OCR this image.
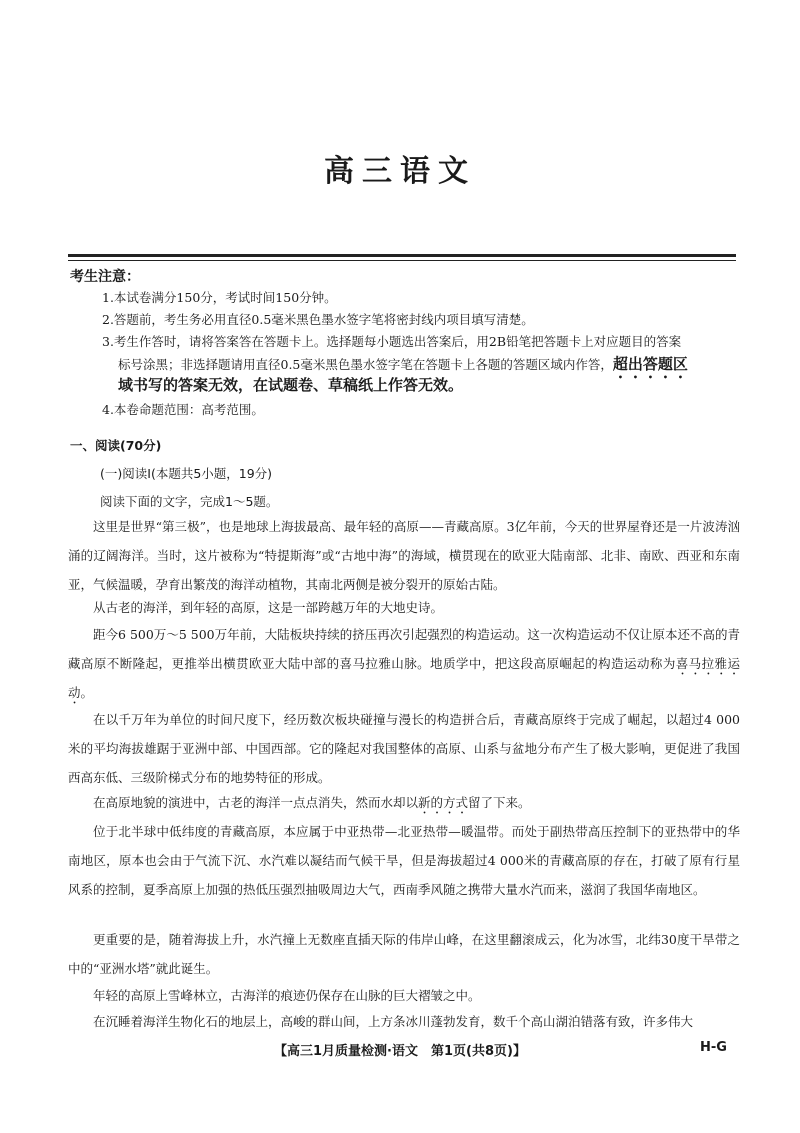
高三语文
考生注意：
1.本试卷满分150分，考试时间150分钟。
2.答题前，考生务必用直径0.5毫米黑色墨水签字笔将密封线内项目填写清楚。
3.考生作答时，请将答案答在答题卡上。选择题每小题选出答案后，用2B铅笔把答题卡上对应题目的答案
标号涂黑；非选择题请用直径0.5毫米黑色墨水签字笔在答题卡上各题的答题区域内作答，超出答题区
域书写的答案无效，在试题卷、草稿纸上作答无效。
4.本卷命题范围：高考范围。
一、阅读(70分)
(一)阅读Ⅰ(本题共5小题，19分)
阅读下面的文字，完成1～5题。
这里是世界“第三极”，也是地球上海拔最高、最年轻的高原——青藏高原。3亿年前，今天的世界屋脊还是一片波涛汹涌的辽阔海洋。当时，这片被称为“特提斯海”或“古地中海”的海域，横贯现在的欧亚大陆南部、北非、南欧、西亚和东南亚，气候温暖，孕育出繁茂的海洋动植物，其南北两侧是被分裂开的原始古陆。
从古老的海洋，到年轻的高原，这是一部跨越万年的大地史诗。
距今6 500万～5 500万年前，大陆板块持续的挤压再次引起强烈的构造运动。这一次构造运动不仅让原本还不高的青藏高原不断隆起，更推举出横贯欧亚大陆中部的喜马拉雅山脉。地质学中，把这段高原崛起的构造运动称为喜马拉雅运动。
在以千万年为单位的时间尺度下，经历数次板块碰撞与漫长的构造拼合后，青藏高原终于完成了崛起，以超过4 000米的平均海拔雄踞于亚洲中部、中国西部。它的隆起对我国整体的高原、山系与盆地分布产生了极大影响，更促进了我国西高东低、三级阶梯式分布的地势特征的形成。
在高原地貌的演进中，古老的海洋一点点消失，然而水却以新的方式留了下来。
位于北半球中低纬度的青藏高原，本应属于中亚热带—北亚热带—暖温带。而处于副热带高压控制下的亚热带中的华南地区，原本也会由于气流下沉、水汽难以凝结而气候干旱，但是海拔超过4 000米的青藏高原的存在，打破了原有行星风系的控制，夏季高原上加强的热低压强烈抽吸周边大气，西南季风随之携带大量水汽而来，滋润了我国华南地区。
更重要的是，随着海拔上升，水汽撞上无数座直插天际的伟岸山峰，在这里翻滚成云，化为冰雪，北纬30度干旱带之中的“亚洲水塔”就此诞生。
年轻的高原上雪峰林立，古海洋的痕迹仍保存在山脉的巨大褶皱之中。
在沉睡着海洋生物化石的地层上，高峻的群山间，上方条冰川蓬勃发育，数千个高山湖泊错落有致，许多伟大
【高三1月质量检测·语文　第1页(共8页)】	H-G
